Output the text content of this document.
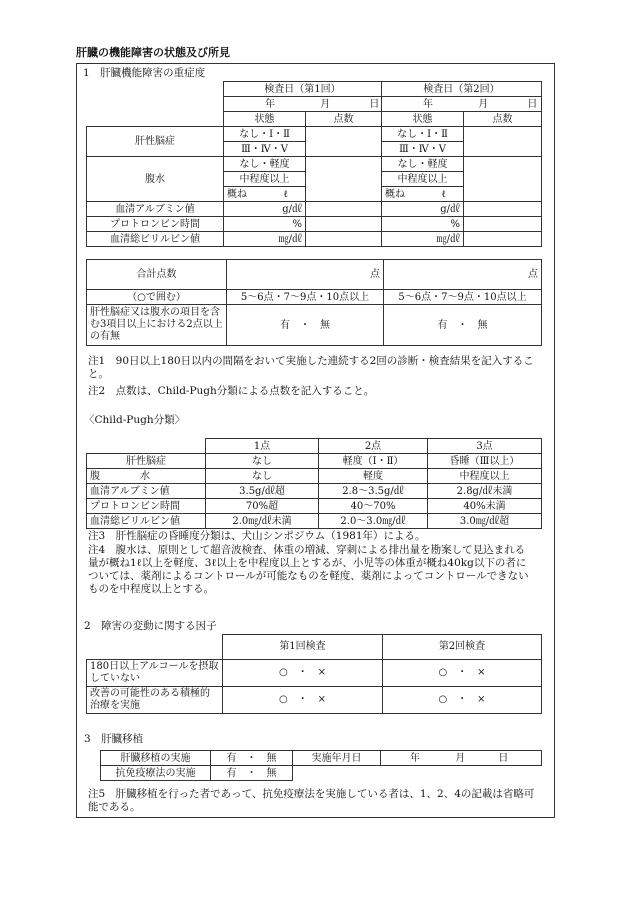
肝臓の機能障害の状態及び所見
1　肝臓機能障害の重症度
	検査日（第1回）		検査日（第2回）	
	年 月 日		年 月 日	
	状態	点数	状態	点数
肝性脳症	なし・Ⅰ・Ⅱ		なし・Ⅰ・Ⅱ	
	Ⅲ・Ⅳ・Ⅴ		Ⅲ・Ⅳ・Ⅴ	
腹水	なし・軽度		なし・軽度	
	中程度以上		中程度以上	
	概ね ℓ		概ね ℓ	

血清アルブミン値	g/㎗		g/㎗	
プロトロンビン時間	%		%	
血清総ビリルビン値	㎎/㎗		㎎/㎗	
合計点数	点	点
（○で囲む）	5〜6点・7〜9点・10点以上	5〜6点・7〜9点・10点以上
肝性脳症又は腹水の項目を含む3項目以上における2点以上の有無	有　・　無	有　・　無
注1　90日以上180日以内の間隔をおいて実施した連続する2回の診断・検査結果を記入すること。
注2　点数は、Child-Pugh分類による点数を記入すること。
〈Child-Pugh分類〉
	1点	2点	3点
肝性脳症	なし	軽度（Ⅰ・Ⅱ）	昏睡（Ⅲ以上）
腹　　　　水	なし	軽度	中程度以上
血清アルブミン値	3.5g/㎗超	2.8〜3.5g/㎗	2.8g/㎗未満
プロトロンビン時間	70%超	40〜70%	40%未満
血清総ビリルビン値	2.0㎎/㎗未満	2.0〜3.0㎎/㎗	3.0㎎/㎗超
注3　肝性脳症の昏睡度分類は、犬山シンポジウム（1981年）による。
注4　腹水は、原則として超音波検査、体重の増減、穿刺による排出量を勘案して見込まれる量が概ね1ℓ以上を軽度、3ℓ以上を中程度以上とするが、小児等の体重が概ね40kg以下の者については、薬剤によるコントロールが可能なものを軽度、薬剤によってコントロールできないものを中程度以上とする。
2　障害の変動に関する因子
	第1回検査	第2回検査
180日以上アルコールを摂取していない	○　・　×	○　・　×
改善の可能性のある積極的治療を実施	○　・　×	○　・　×
3　肝臓移植
肝臓移植の実施	有　・　無	実施年月日	年 月 日
抗免疫療法の実施	有　・　無		
注5　肝臓移植を行った者であって、抗免疫療法を実施している者は、1、2、4の記載は省略可能である。
